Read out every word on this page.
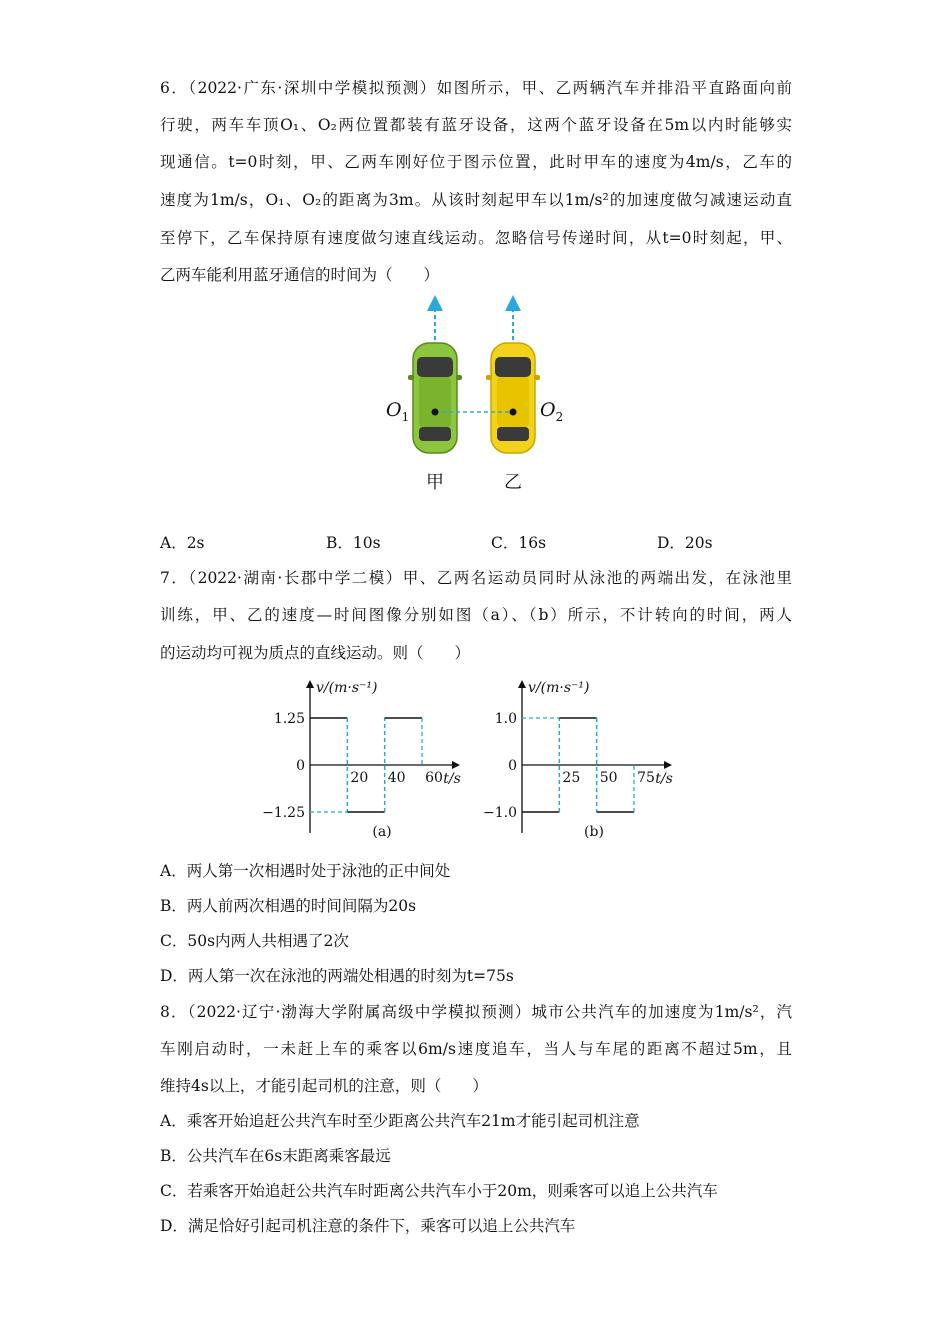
6．（2022·广东·深圳中学模拟预测）如图所示，甲、乙两辆汽车并排沿平直路面向前
行驶，两车车顶O₁、O₂两位置都装有蓝牙设备，这两个蓝牙设备在5m以内时能够实
现通信。t=0时刻，甲、乙两车刚好位于图示位置，此时甲车的速度为4m/s，乙车的
速度为1m/s，O₁、O₂的距离为3m。从该时刻起甲车以1m/s²的加速度做匀减速运动直
至停下，乙车保持原有速度做匀速直线运动。忽略信号传递时间，从t=0时刻起，甲、
乙两车能利用蓝牙通信的时间为（　　）
$O_1$	$O_2$
甲	乙
A．2s	B．10s	C．16s	D．20s
7．（2022·湖南·长郡中学二模）甲、乙两名运动员同时从泳池的两端出发，在泳池里
训练，甲、乙的速度—时间图像分别如图（a）、（b）所示，不计转向的时间，两人
的运动均可视为质点的直线运动。则（　　）
v/(m·s⁻¹)
t/s
1.25
0
−1.25
20 40 60
(a)
v/(m·s⁻¹)
t/s
1.0
0
−1.0
25 50 75
(b)
A．两人第一次相遇时处于泳池的正中间处
B．两人前两次相遇的时间间隔为20s
C．50s内两人共相遇了2次
D．两人第一次在泳池的两端处相遇的时刻为t=75s
8．（2022·辽宁·渤海大学附属高级中学模拟预测）城市公共汽车的加速度为1m/s²，汽
车刚启动时，一未赶上车的乘客以6m/s速度追车，当人与车尾的距离不超过5m，且
维持4s以上，才能引起司机的注意，则（　　）
A．乘客开始追赶公共汽车时至少距离公共汽车21m才能引起司机注意
B．公共汽车在6s末距离乘客最远
C．若乘客开始追赶公共汽车时距离公共汽车小于20m，则乘客可以追上公共汽车
D．满足恰好引起司机注意的条件下，乘客可以追上公共汽车
